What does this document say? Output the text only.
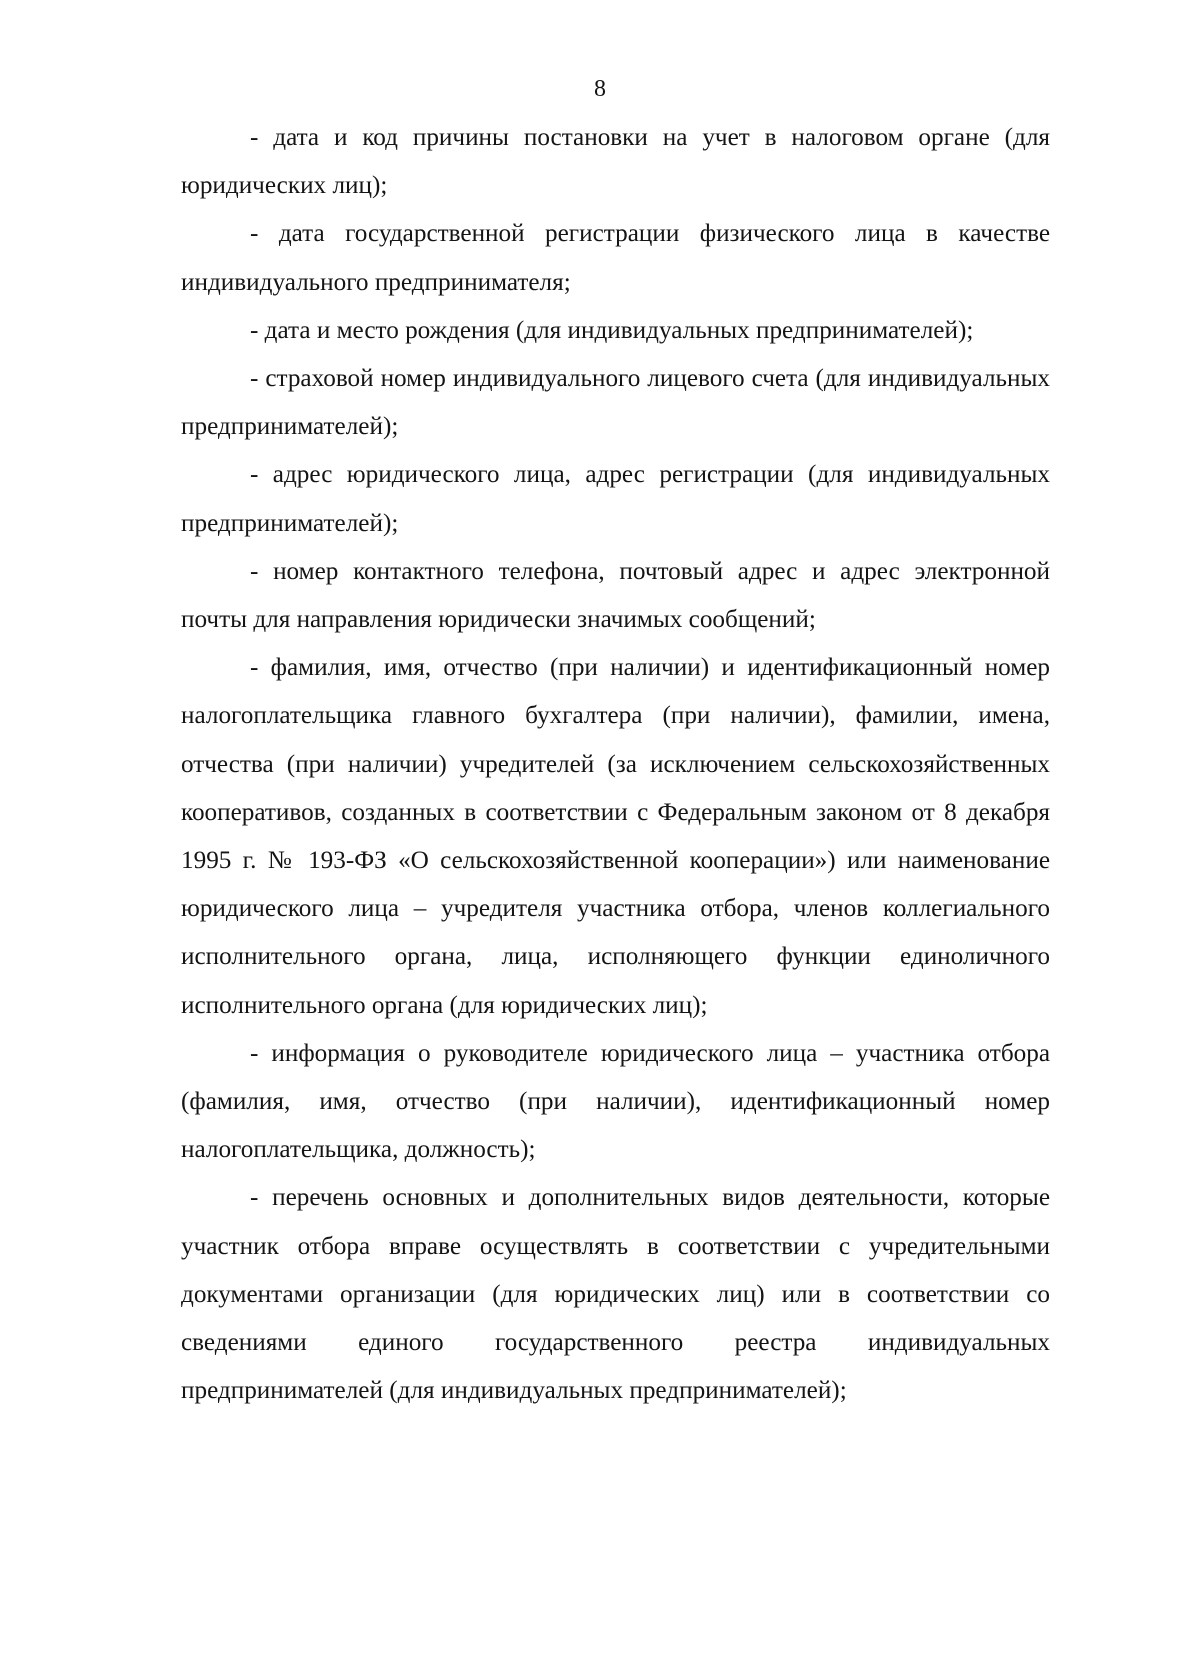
8

- дата и код причины постановки на учет в налоговом органе (для юридических лиц);

- дата государственной регистрации физического лица в качестве индивидуального предпринимателя;

- дата и место рождения (для индивидуальных предпринимателей);

- страховой номер индивидуального лицевого счета (для индивидуальных предпринимателей);

- адрес юридического лица, адрес регистрации (для индивидуальных предпринимателей);

- номер контактного телефона, почтовый адрес и адрес электронной почты для направления юридически значимых сообщений;

- фамилия, имя, отчество (при наличии) и идентификационный номер налогоплательщика главного бухгалтера (при наличии), фамилии, имена, отчества (при наличии) учредителей (за исключением сельскохозяйственных кооперативов, созданных в соответствии с Федеральным законом от 8 декабря 1995 г. № 193-ФЗ «О сельскохозяйственной кооперации») или наименование юридического лица – учредителя участника отбора, членов коллегиального исполнительного органа, лица, исполняющего функции единоличного исполнительного органа (для юридических лиц);

- информация о руководителе юридического лица – участника отбора (фамилия, имя, отчество (при наличии), идентификационный номер налогоплательщика, должность);

- перечень основных и дополнительных видов деятельности, которые участник отбора вправе осуществлять в соответствии с учредительными документами организации (для юридических лиц) или в соответствии со сведениями единого государственного реестра индивидуальных предпринимателей (для индивидуальных предпринимателей);
